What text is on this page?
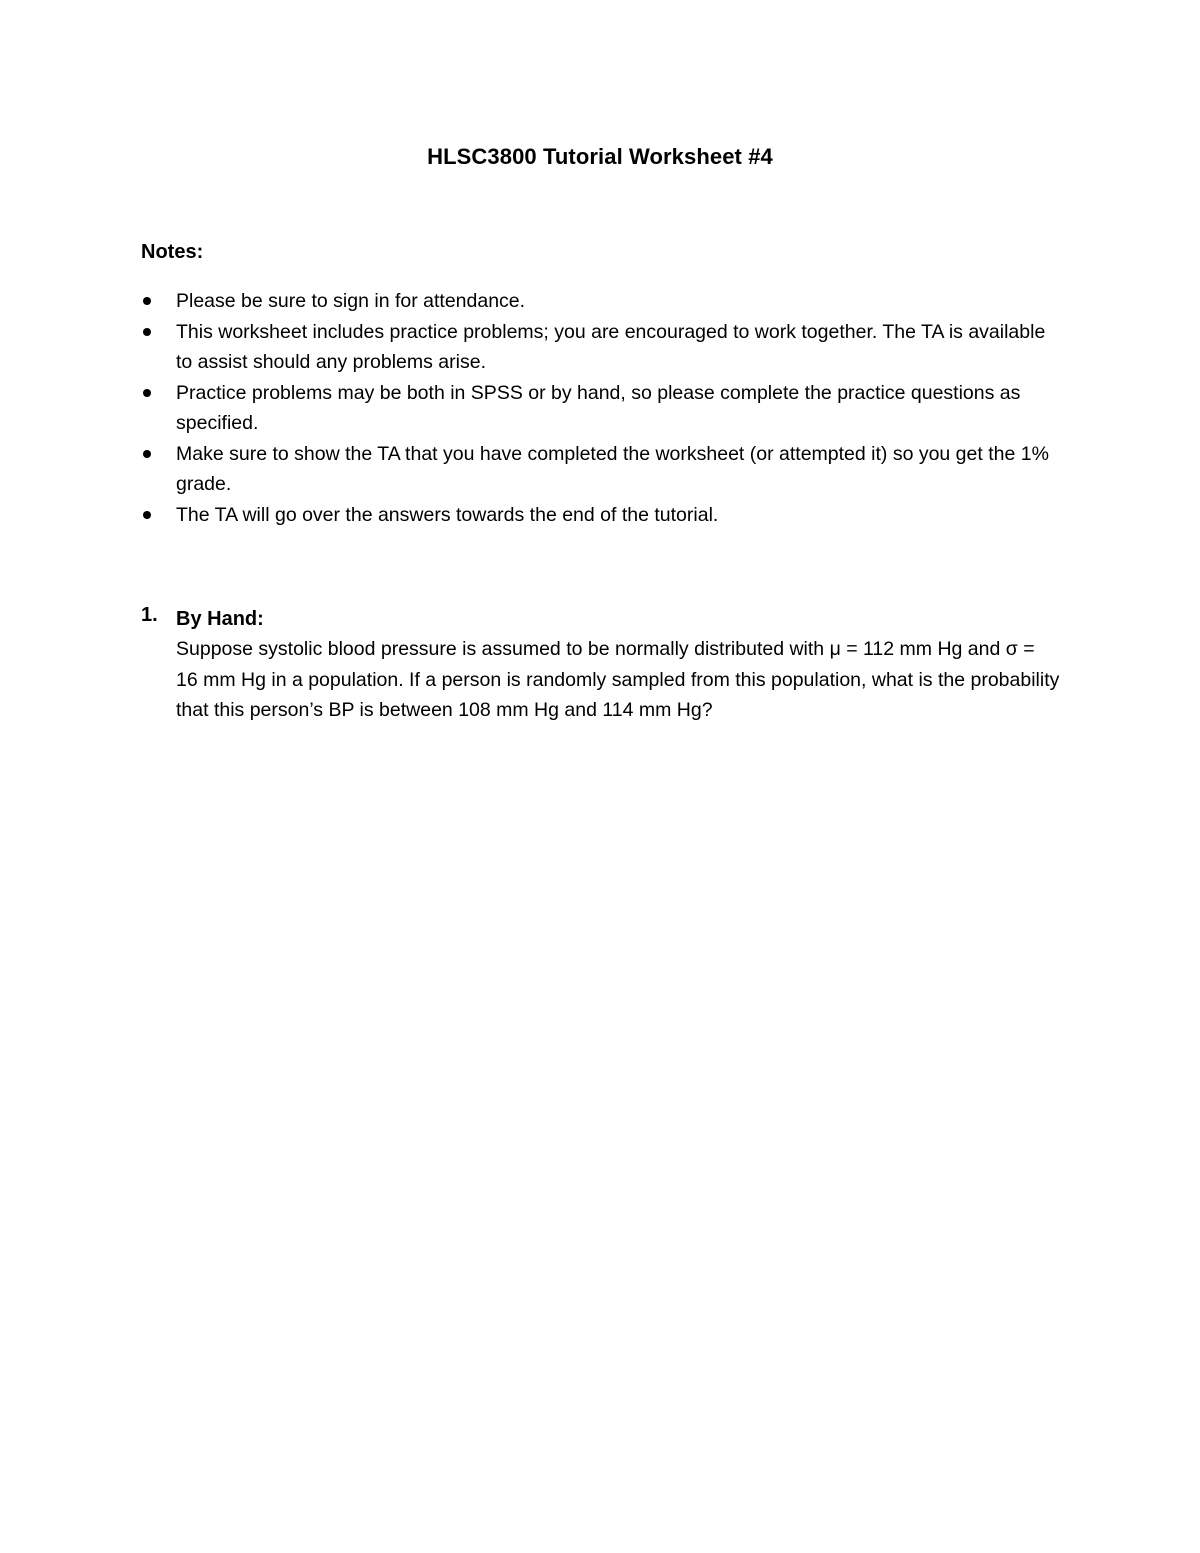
HLSC3800 Tutorial Worksheet #4
Notes:
Please be sure to sign in for attendance.
This worksheet includes practice problems; you are encouraged to work together. The TA is available to assist should any problems arise.
Practice problems may be both in SPSS or by hand, so please complete the practice questions as specified.
Make sure to show the TA that you have completed the worksheet (or attempted it) so you get the 1% grade.
The TA will go over the answers towards the end of the tutorial.
1. By Hand:
Suppose systolic blood pressure is assumed to be normally distributed with μ = 112 mm Hg and σ = 16 mm Hg in a population. If a person is randomly sampled from this population, what is the probability that this person’s BP is between 108 mm Hg and 114 mm Hg?
